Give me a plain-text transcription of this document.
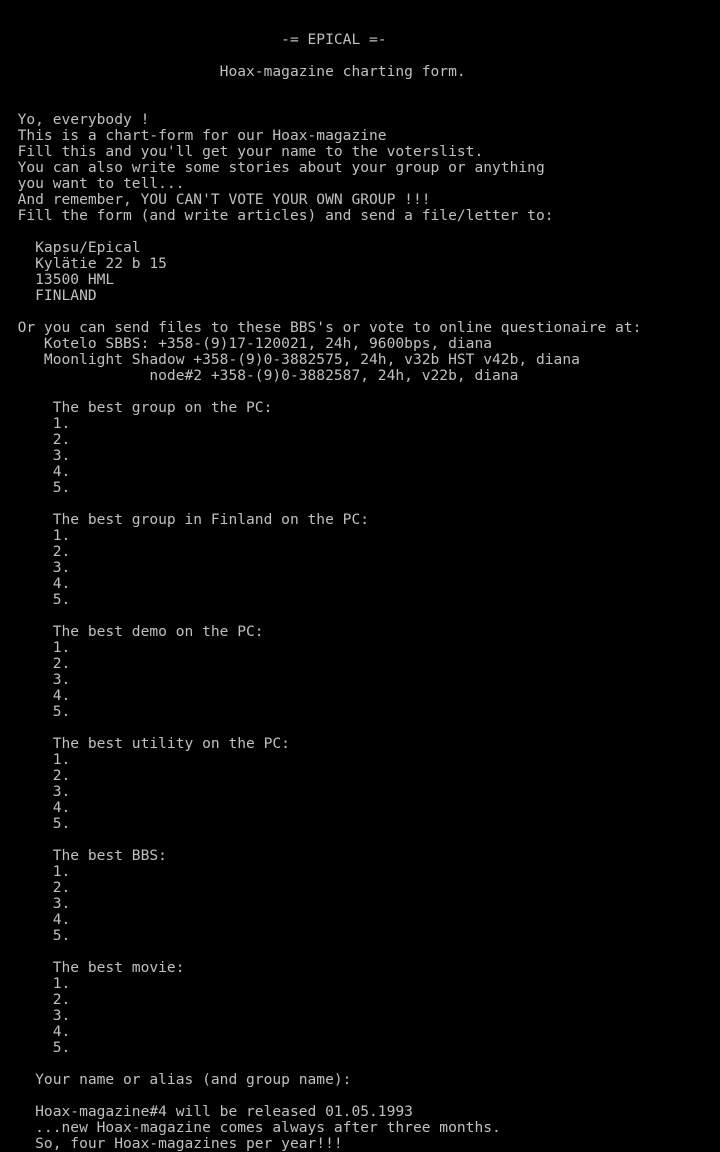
-= EPICAL =-
Hoax-magazine charting form.
Yo, everybody !
This is a chart-form for our Hoax-magazine
Fill this and you'll get your name to the voterslist.
You can also write some stories about your group or anything
you want to tell...
And remember, YOU CAN'T VOTE YOUR OWN GROUP !!!
Fill the form (and write articles) and send a file/letter to:
Kapsu/Epical
Kylätie 22 b 15
13500 HML
FINLAND
Or you can send files to these BBS's or vote to online questionaire at:
Kotelo SBBS: +358-(9)17-120021, 24h, 9600bps, diana
Moonlight Shadow +358-(9)0-3882575, 24h, v32b HST v42b, diana
node#2 +358-(9)0-3882587, 24h, v22b, diana
The best group on the PC:
1.
2.
3.
4.
5.
The best group in Finland on the PC:
1.
2.
3.
4.
5.
The best demo on the PC:
1.
2.
3.
4.
5.
The best utility on the PC:
1.
2.
3.
4.
5.
The best BBS:
1.
2.
3.
4.
5.
The best movie:
1.
2.
3.
4.
5.
Your name or alias (and group name):
Hoax-magazine#4 will be released 01.05.1993
...new Hoax-magazine comes always after three months.
So, four Hoax-magazines per year!!!
